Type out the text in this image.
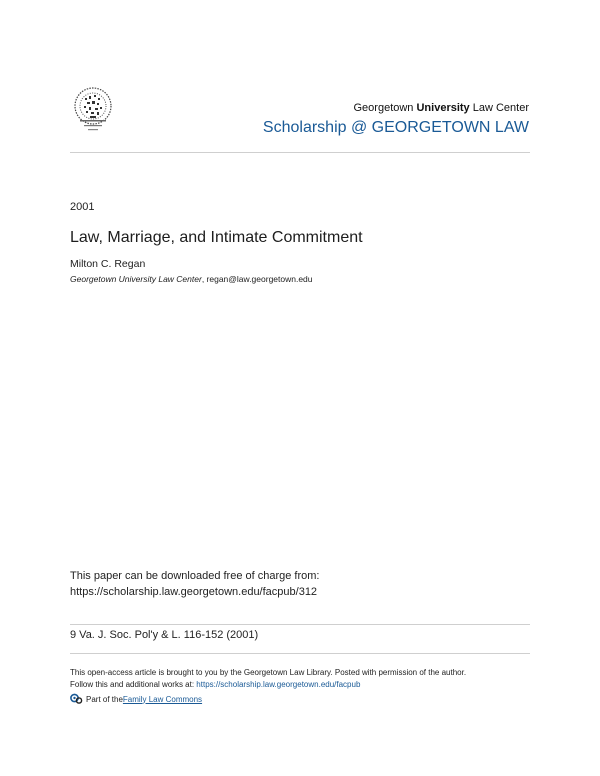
Georgetown University Law Center
Scholarship @ GEORGETOWN LAW
2001
Law, Marriage, and Intimate Commitment
Milton C. Regan
Georgetown University Law Center, regan@law.georgetown.edu
This paper can be downloaded free of charge from:
https://scholarship.law.georgetown.edu/facpub/312
9 Va. J. Soc. Pol'y & L. 116-152 (2001)
This open-access article is brought to you by the Georgetown Law Library. Posted with permission of the author.
Follow this and additional works at: https://scholarship.law.georgetown.edu/facpub
Part of the Family Law Commons
